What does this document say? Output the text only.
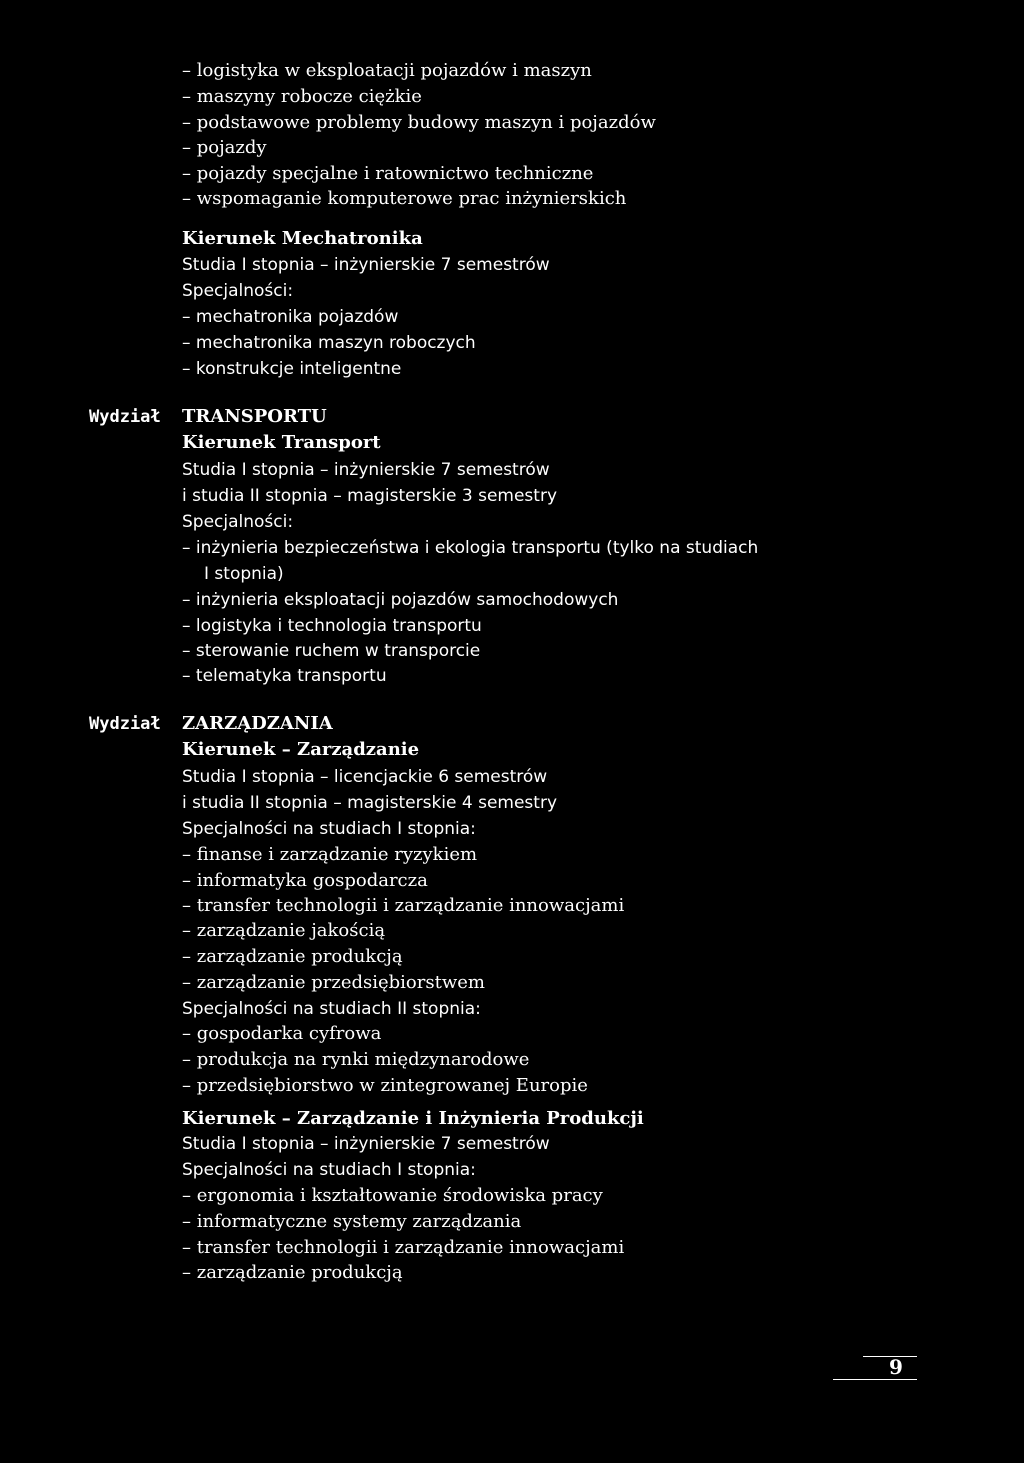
– logistyka w eksploatacji pojazdów i maszyn
– maszyny robocze ciężkie
– podstawowe problemy budowy maszyn i pojazdów
– pojazdy
– pojazdy specjalne i ratownictwo techniczne
– wspomaganie komputerowe prac inżynierskich
Kierunek Mechatronika
Studia I stopnia – inżynierskie 7 semestrów
Specjalności:
– mechatronika pojazdów
– mechatronika maszyn roboczych
– konstrukcje inteligentne
Wydział TRANSPORTU
Kierunek Transport
Studia I stopnia – inżynierskie 7 semestrów
i studia II stopnia – magisterskie 3 semestry
Specjalności:
– inżynieria bezpieczeństwa i ekologia transportu (tylko na studiach
I stopnia)
– inżynieria eksploatacji pojazdów samochodowych
– logistyka i technologia transportu
– sterowanie ruchem w transporcie
– telematyka transportu
Wydział ZARZĄDZANIA
Kierunek – Zarządzanie
Studia I stopnia – licencjackie 6 semestrów
i studia II stopnia – magisterskie 4 semestry
Specjalności na studiach I stopnia:
– finanse i zarządzanie ryzykiem
– informatyka gospodarcza
– transfer technologii i zarządzanie innowacjami
– zarządzanie jakością
– zarządzanie produkcją
– zarządzanie przedsiębiorstwem
Specjalności na studiach II stopnia:
– gospodarka cyfrowa
– produkcja na rynki międzynarodowe
– przedsiębiorstwo w zintegrowanej Europie
Kierunek – Zarządzanie i Inżynieria Produkcji
Studia I stopnia – inżynierskie 7 semestrów
Specjalności na studiach I stopnia:
– ergonomia i kształtowanie środowiska pracy
– informatyczne systemy zarządzania
– transfer technologii i zarządzanie innowacjami
– zarządzanie produkcją
9
